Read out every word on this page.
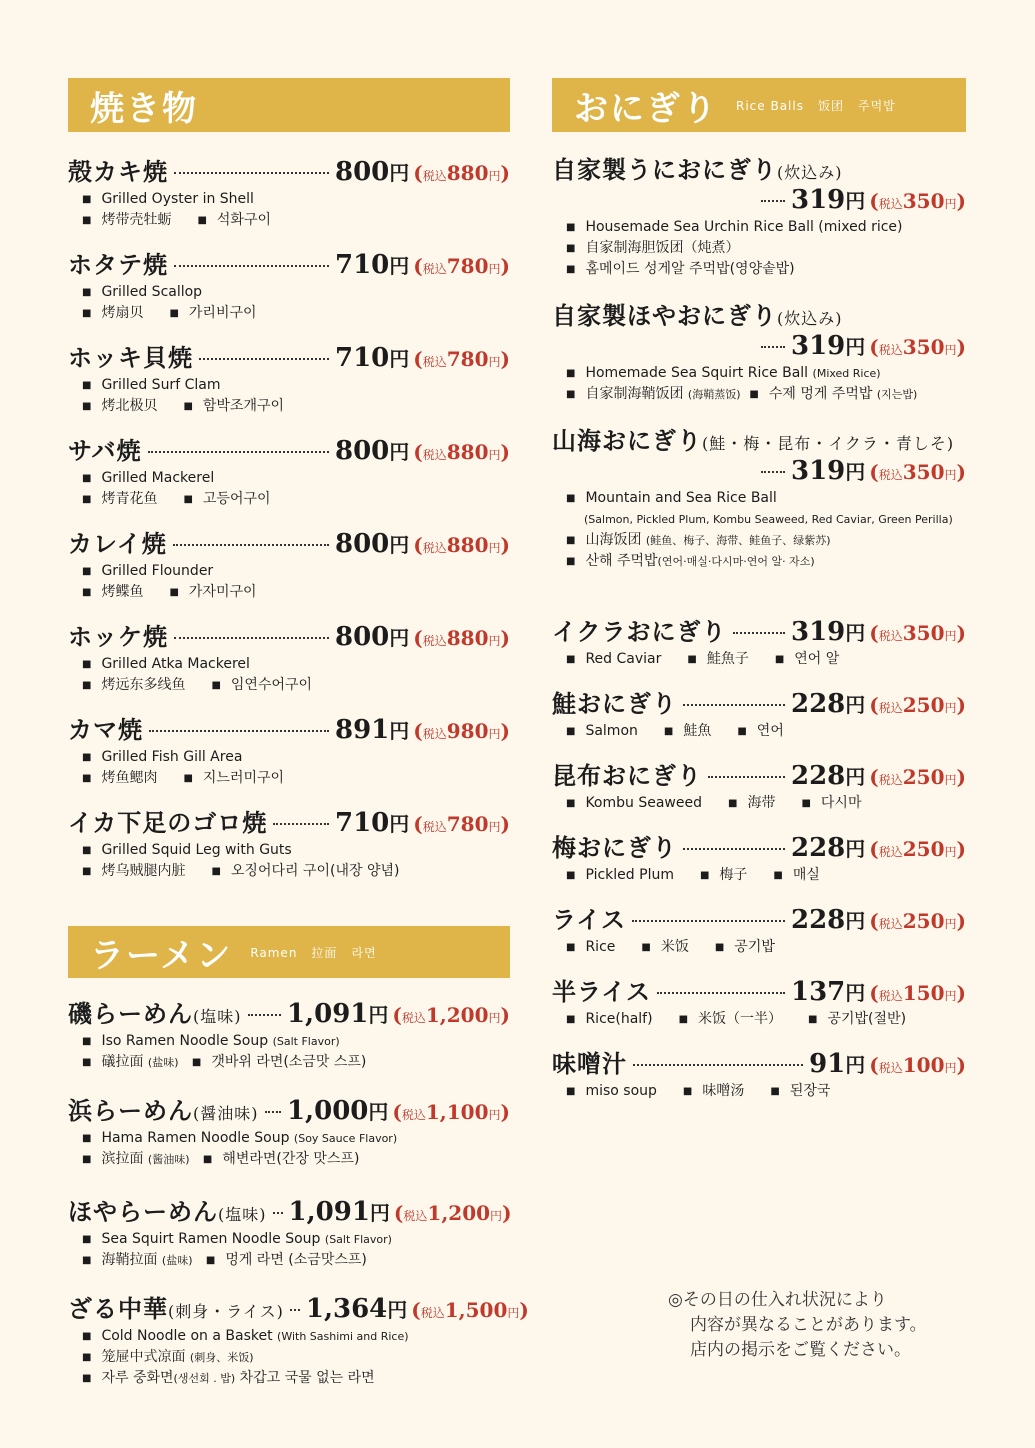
焼き物
殻カキ焼	800 円 (税込880円)
■ Grilled Oyster in Shell
■ 烤带壳牡蛎	■ 석화구이
ホタテ焼	710 円 (税込780円)
■ Grilled Scallop
■ 烤扇贝	■ 가리비구이
ホッキ貝焼	710 円 (税込780円)
■ Grilled Surf Clam
■ 烤北极贝	■ 함박조개구이
サバ焼	800 円 (税込880円)
■ Grilled Mackerel
■ 烤青花鱼	■ 고등어구이
カレイ焼	800 円 (税込880円)
■ Grilled Flounder
■ 烤鲽鱼	■ 가자미구이
ホッケ焼	800 円 (税込880円)
■ Grilled Atka Mackerel
■ 烤远东多线鱼	■ 임연수어구이
カマ焼	891 円 (税込980円)
■ Grilled Fish Gill Area
■ 烤鱼鳃肉	■ 지느러미구이
イカ下足のゴロ焼	710 円 (税込780円)
■ Grilled Squid Leg with Guts
■ 烤乌贼腿内脏	■ 오징어다리 구이(내장 양념)
ラーメン Ramen 拉面 라면
磯らーめん(塩味) 1,091 円 (税込1,200円)
■ Iso Ramen Noodle Soup
(Salt Flavor)
■ 礒拉面
(盐味)
■ 갯바위 라면(소금맛 스프)
浜らーめん(醤油味) 1,000 円 (税込1,100円)
■ Hama Ramen Noodle Soup
(Soy Sauce Flavor)
■ 滨拉面
(酱油味)
■ 해변라면(간장 맛스프)
ほやらーめん(塩味) 1,091 円 (税込1,200円)
■ Sea Squirt Ramen Noodle Soup
(Salt Flavor)
■ 海鞘拉面
(盐味)
■ 멍게 라면 (소금맛스프)
ざる中華(刺身・ライス) 1,364 円 (税込1,500円)
■ Cold Noodle on a Basket
(With Sashimi and Rice)
■ 笼屉中式凉面
(刺身、米饭)
■ 자루 중화면 (생선회 . 밥)
차갑고 국물 없는 라면
おにぎり Rice Balls 饭团 주먹밥
自家製うにおにぎり(炊込み)
319 円 (税込350円)
■ Housemade Sea Urchin Rice Ball (mixed rice)
■ 自家制海胆饭团（炖煮）
■ 홈메이드 성게알 주먹밥(영양솥밥)
自家製ほやおにぎり(炊込み)
319 円 (税込350円)
■ Homemade Sea Squirt Rice Ball
(Mixed Rice)
■ 自家制海鞘饭团
(海鞘蒸饭)
■ 수제 멍게 주먹밥
(지는밥)
山海おにぎり(鮭・梅・昆布・イクラ・青しそ)
319 円 (税込350円)
■ Mountain and Sea Rice Ball
(Salmon, Pickled Plum, Kombu Seaweed, Red Caviar, Green Perilla)
■ 山海饭团
(鲑鱼、梅子、海带、鲑鱼子、绿紫苏)
■ 산해 주먹밥 (연어·매실·다시마·연어 알· 자소)
イクラおにぎり 319 円 (税込350円)
■ Red Caviar	■ 鮭魚子	■ 연어 알
鮭おにぎり	228 円 (税込250円)
■ Salmon	■ 鮭魚	■ 연어
昆布おにぎり	228 円 (税込250円)
■ Kombu Seaweed	■ 海带	■ 다시마
梅おにぎり	228 円 (税込250円)
■ Pickled Plum	■ 梅子	■ 매실
ライス	228 円 (税込250円)
■ Rice	■ 米饭	■ 공기밥
半ライス	137 円 (税込150円)
■ Rice(half)	■ 米饭（一半）	■ 공기밥(절반)
味噌汁	91 円 (税込100円)
■ miso soup	■ 味噌汤	■ 된장국
◎その日の仕入れ状況により
内容が異なることがあります。
店内の掲示をご覧ください。
